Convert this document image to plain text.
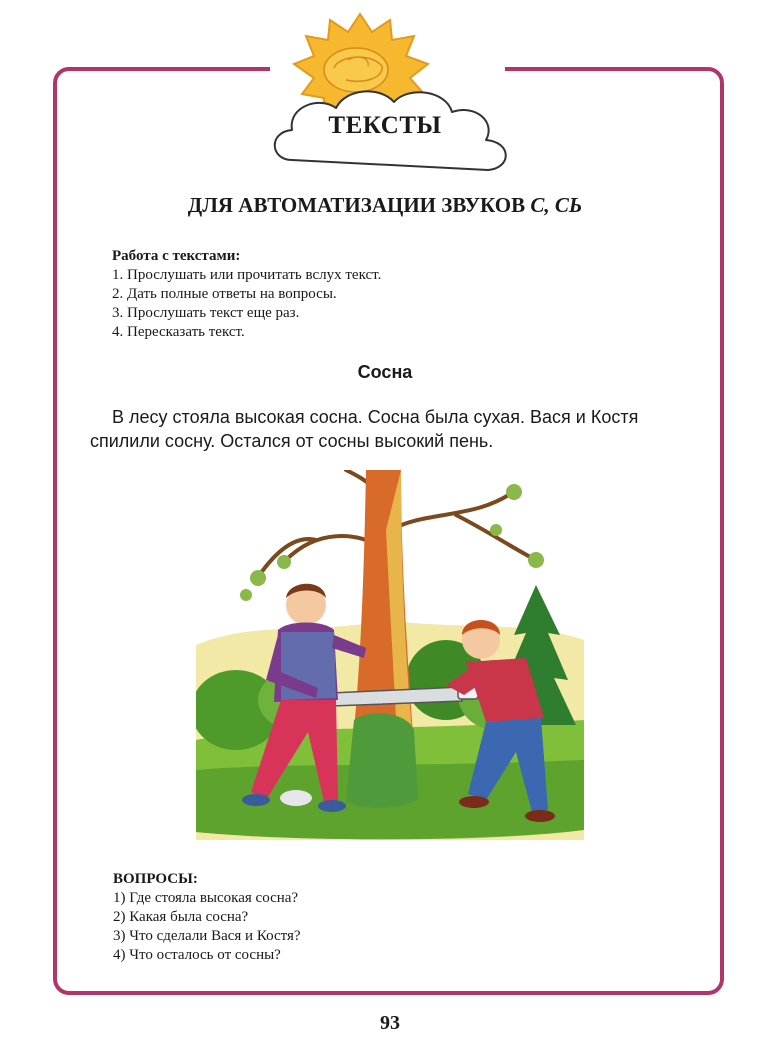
ТЕКСТЫ
ДЛЯ АВТОМАТИЗАЦИИ ЗВУКОВ С, СЬ
Работа с текстами:
1. Прослушать или прочитать вслух текст.
2. Дать полные ответы на вопросы.
3. Прослушать текст еще раз.
4. Пересказать текст.
Сосна
В лесу стояла высокая сосна. Сосна была сухая. Вася и Костя спилили сосну. Остался от сосны высокий пень.
ВОПРОСЫ:
1) Где стояла высокая сосна?
2) Какая была сосна?
3) Что сделали Вася и Костя?
4) Что осталось от сосны?
93
